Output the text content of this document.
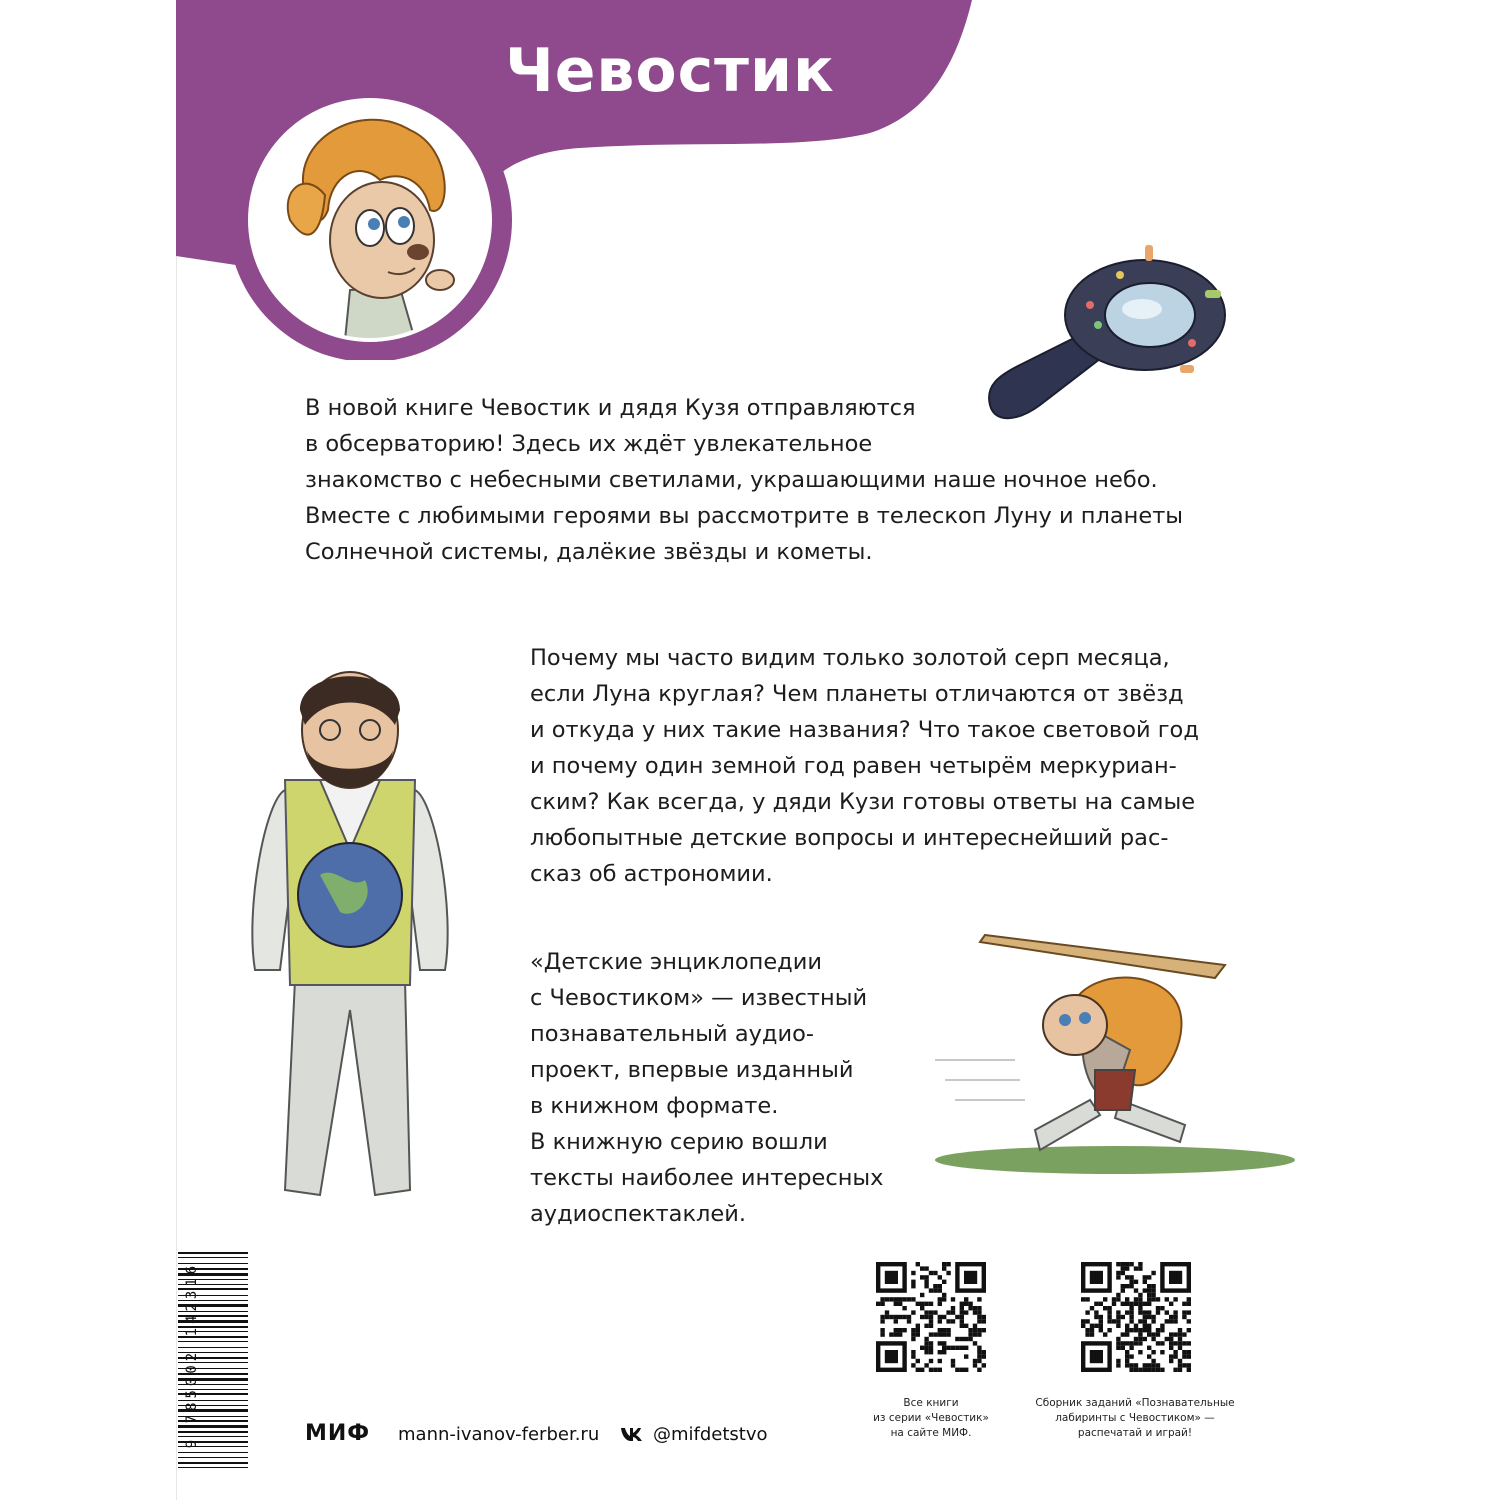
Чевостик

В новой книге Чевостик и дядя Кузя отправляются
в обсерваторию! Здесь их ждёт увлекательное
знакомство с небесными светилами, украшающими наше ночное небо.
Вместе с любимыми героями вы рассмотрите в телескоп Луну и планеты
Солнечной системы, далёкие звёзды и кометы.

Почему мы часто видим только золотой серп месяца,
если Луна круглая? Чем планеты отличаются от звёзд
и откуда у них такие названия? Что такое световой год
и почему один земной год равен четырём меркуриан-
ским? Как всегда, у дяди Кузи готовы ответы на самые
любопытные детские вопросы и интереснейший рас-
сказ об астрономии.

«Детские энциклопедии
с Чевостиком» — известный
познавательный аудио-
проект, впервые изданный
в книжном формате.
В книжную серию вошли
тексты наиболее интересных
аудиоспектаклей.

9 785002 142316	МИФ mann-ivanov-ferber.ru	@mifdetstvo

Все книги
из серии «Чевостик»
на сайте МИФ.

Сборник заданий «Познавательные
лабиринты с Чевостиком» —
распечатай и играй!
